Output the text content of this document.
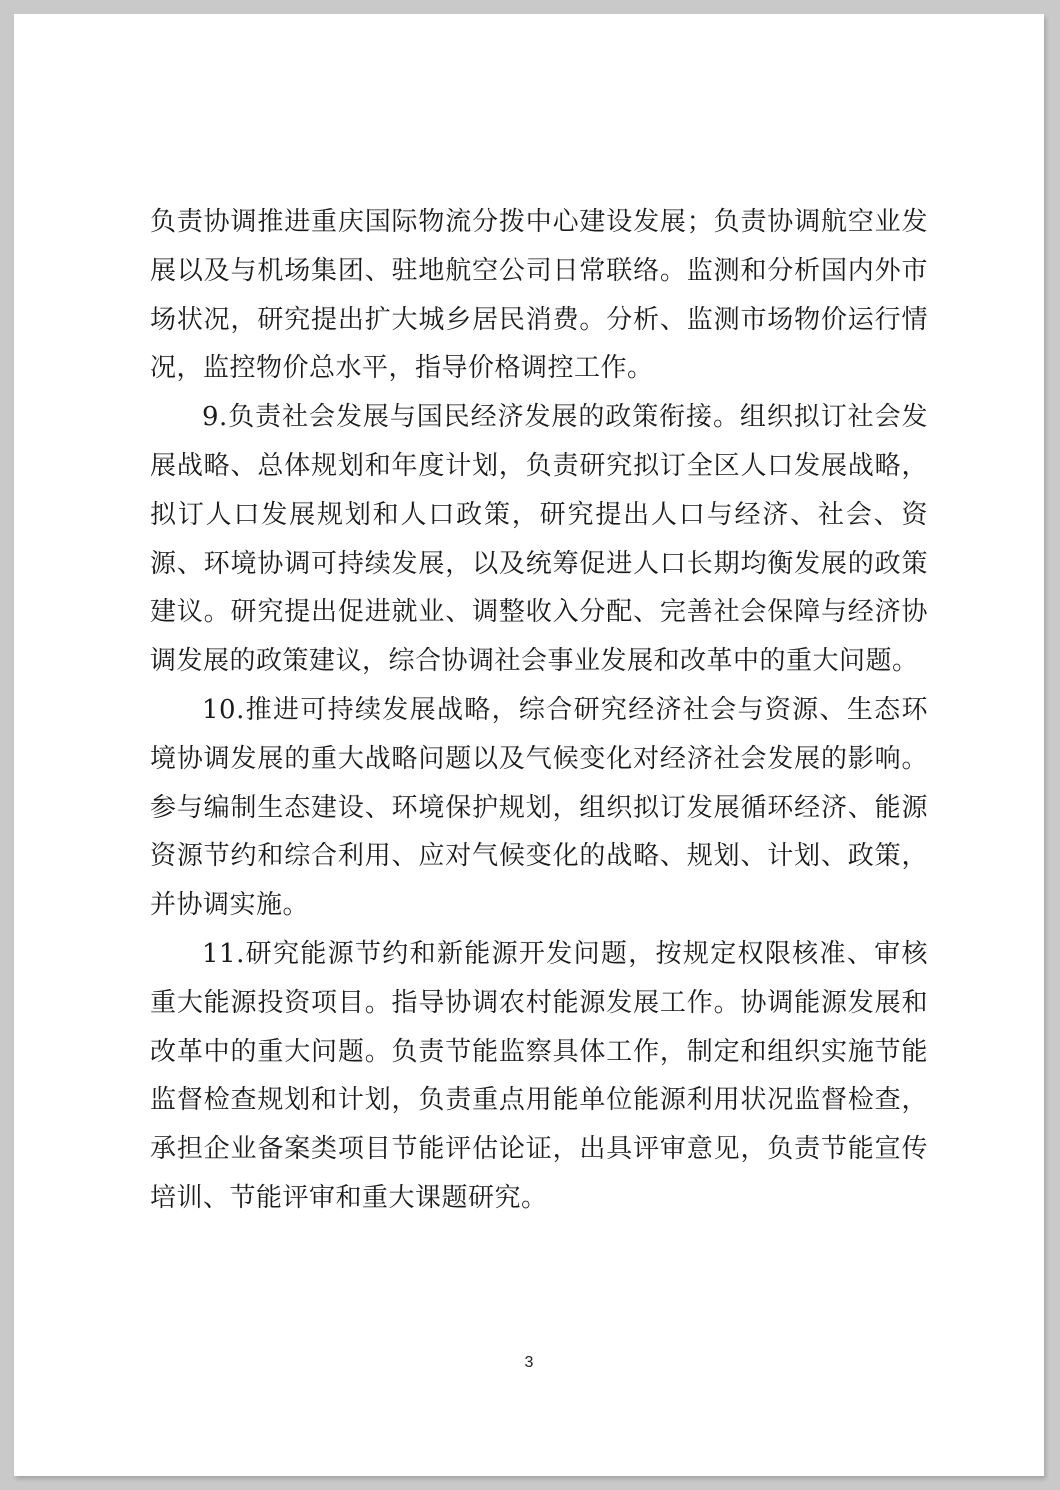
负责协调推进重庆国际物流分拨中心建设发展；负责协调航空业发展以及与机场集团、驻地航空公司日常联络。监测和分析国内外市场状况，研究提出扩大城乡居民消费。分析、监测市场物价运行情况，监控物价总水平，指导价格调控工作。

9.负责社会发展与国民经济发展的政策衔接。组织拟订社会发展战略、总体规划和年度计划，负责研究拟订全区人口发展战略，拟订人口发展规划和人口政策，研究提出人口与经济、社会、资源、环境协调可持续发展，以及统筹促进人口长期均衡发展的政策建议。研究提出促进就业、调整收入分配、完善社会保障与经济协调发展的政策建议，综合协调社会事业发展和改革中的重大问题。

10.推进可持续发展战略，综合研究经济社会与资源、生态环境协调发展的重大战略问题以及气候变化对经济社会发展的影响。参与编制生态建设、环境保护规划，组织拟订发展循环经济、能源资源节约和综合利用、应对气候变化的战略、规划、计划、政策，并协调实施。

11.研究能源节约和新能源开发问题，按规定权限核准、审核重大能源投资项目。指导协调农村能源发展工作。协调能源发展和改革中的重大问题。负责节能监察具体工作，制定和组织实施节能监督检查规划和计划，负责重点用能单位能源利用状况监督检查，承担企业备案类项目节能评估论证，出具评审意见，负责节能宣传培训、节能评审和重大课题研究。

3
